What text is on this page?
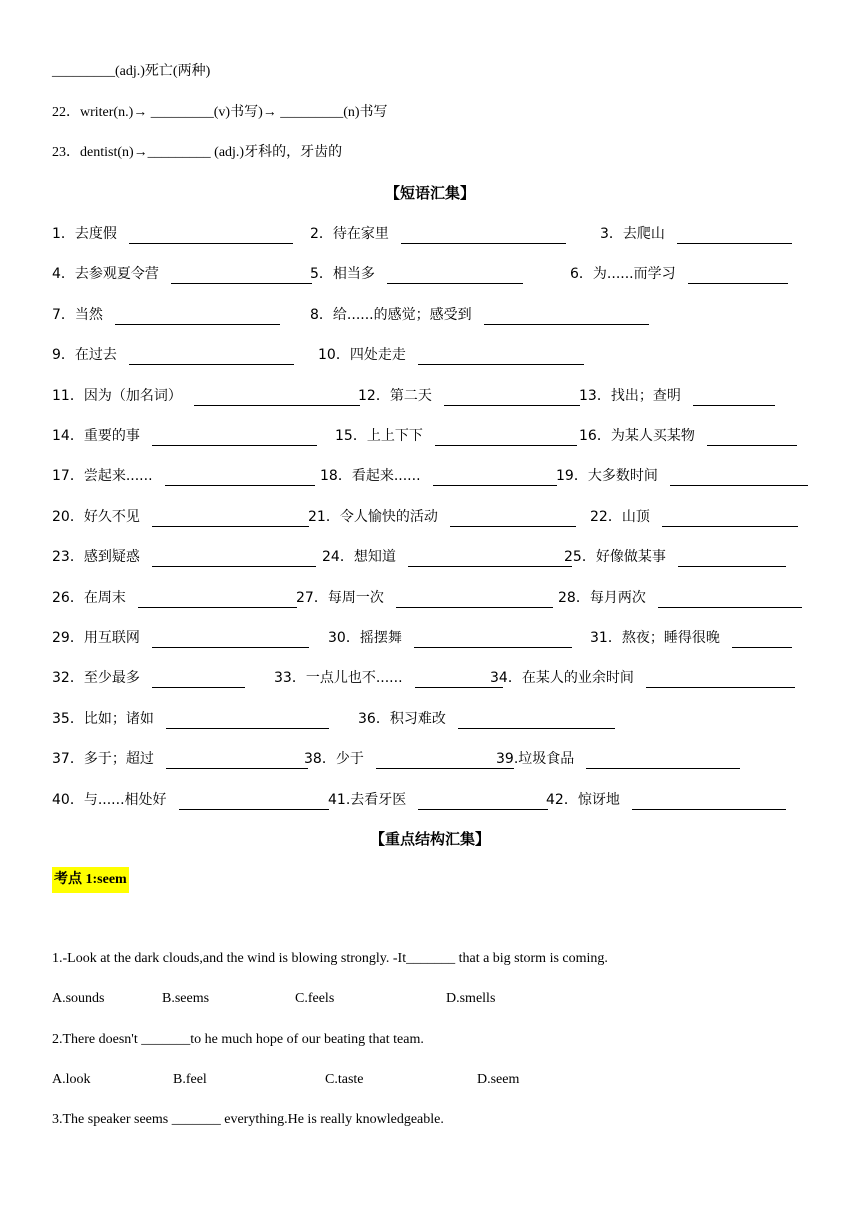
_________(adj.)死亡(两种)
22．writer(n.)→ _________(v)书写)→ _________(n)书写
23．dentist(n)→_________ (adj.)牙科的，牙齿的
【短语汇集】
1． 去度假	2． 待在家里	3． 去爬山
4． 去参观夏令营	5． 相当多	6． 为......而学习
7． 当然	8． 给......的感觉；感受到
9． 在过去	10． 四处走走
11． 因为（加名词）	12． 第二天	13． 找出；查明
14． 重要的事	15． 上上下下	16． 为某人买某物
17． 尝起来......	18． 看起来......	19． 大多数时间
20． 好久不见	21． 令人愉快的活动	22． 山顶
23． 感到疑惑	24． 想知道	25． 好像做某事
26． 在周末	27． 每周一次	28． 每月两次
29． 用互联网	30． 摇摆舞	31． 熬夜；睡得很晚
32． 至少最多	33． 一点儿也不......	34． 在某人的业余时间
35． 比如；诸如	36． 积习难改
37． 多于；超过	38． 少于	39. 垃圾食品
40． 与......相处好	41. 去看牙医	42． 惊讶地
【重点结构汇集】
考点 1:seem
1.-Look at the dark clouds,and the wind is blowing strongly. -It_______ that a big storm is coming.
A.sounds	B.seems	C.feels	D.smells
2.There doesn't _______to he much hope of our beating that team.
A.look	B.feel	C.taste	D.seem
3.The speaker seems _______ everything.He is really knowledgeable.
